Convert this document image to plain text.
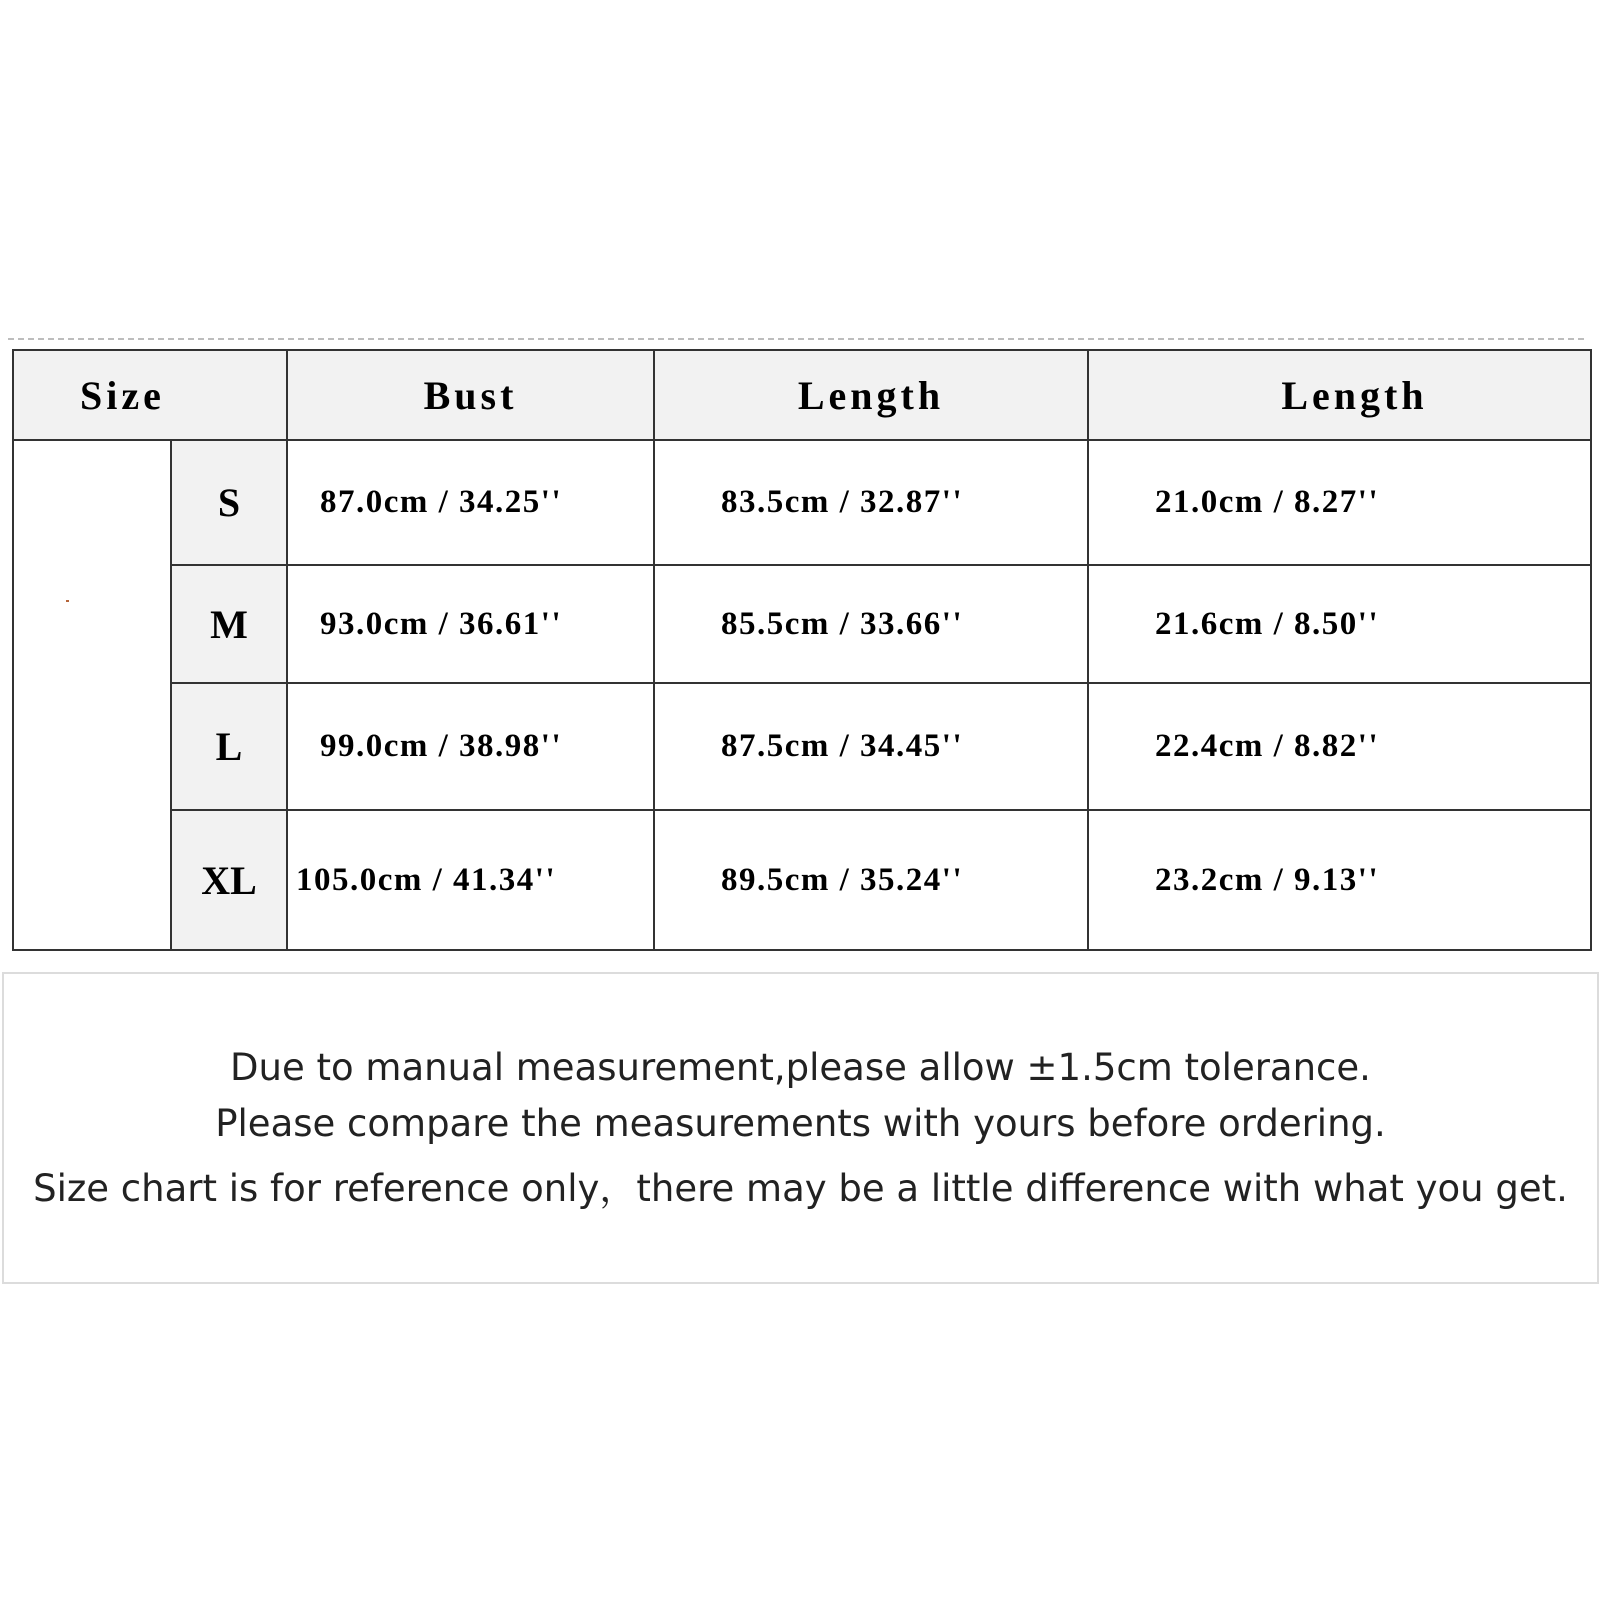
Size		Bust	Length	Length
	S	87.0cm / 34.25''	83.5cm / 32.87''	21.0cm / 8.27''
	M	93.0cm / 36.61''	85.5cm / 33.66''	21.6cm / 8.50''
	L	99.0cm / 38.98''	87.5cm / 34.45''	22.4cm / 8.82''
	XL	105.0cm / 41.34''	89.5cm / 35.24''	23.2cm / 9.13''
Due to manual measurement,please allow ±1.5cm tolerance.
Please compare the measurements with yours before ordering.
Size chart is for reference only，there may be a little difference with what you get.
